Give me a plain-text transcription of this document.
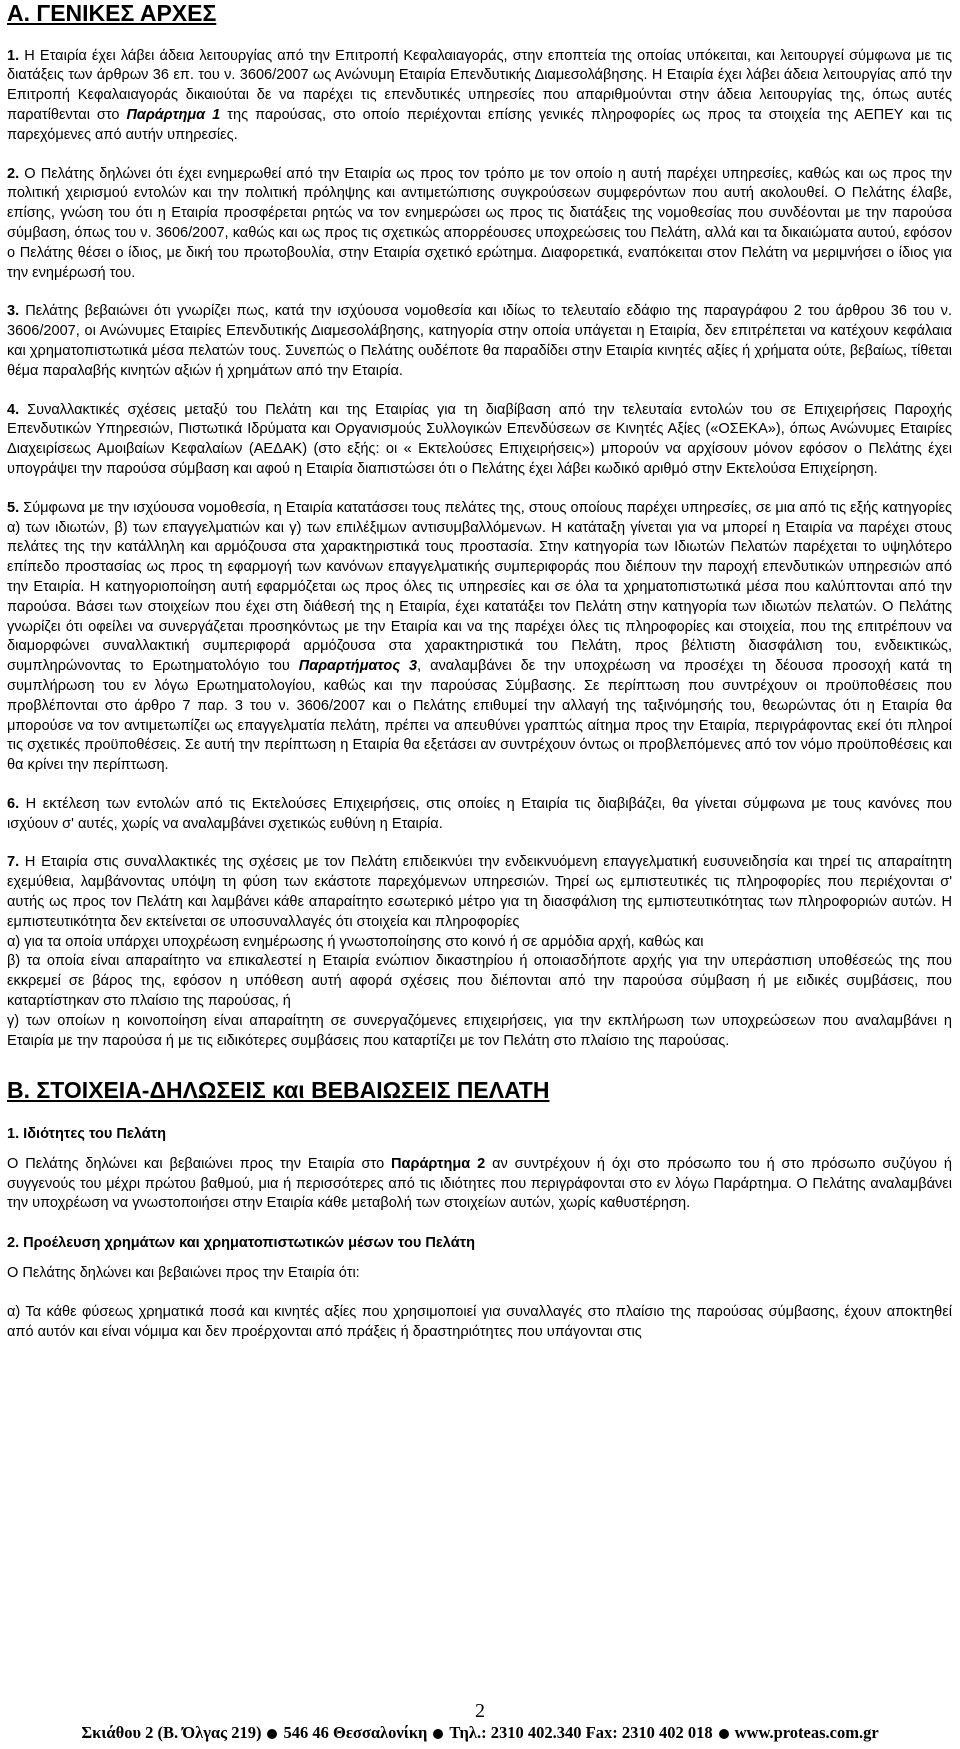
Α. ΓΕΝΙΚΕΣ ΑΡΧΕΣ

1. Η Εταιρία έχει λάβει άδεια λειτουργίας από την Επιτροπή Κεφαλαιαγοράς, στην εποπτεία της οποίας υπόκειται, και λειτουργεί σύμφωνα με τις διατάξεις των άρθρων 36 επ. του ν. 3606/2007 ως Ανώνυμη Εταιρία Επενδυτικής Διαμεσολάβησης. Η Εταιρία έχει λάβει άδεια λειτουργίας από την Επιτροπή Κεφαλαιαγοράς δικαιούται δε να παρέχει τις επενδυτικές υπηρεσίες που απαριθμούνται στην άδεια λειτουργίας της, όπως αυτές παρατίθενται στο Παράρτημα 1 της παρούσας, στο οποίο περιέχονται επίσης γενικές πληροφορίες ως προς τα στοιχεία της ΑΕΠΕΥ και τις παρεχόμενες από αυτήν υπηρεσίες.

2. Ο Πελάτης δηλώνει ότι έχει ενημερωθεί από την Εταιρία ως προς τον τρόπο με τον οποίο η αυτή παρέχει υπηρεσίες, καθώς και ως προς την πολιτική χειρισμού εντολών και την πολιτική πρόληψης και αντιμετώπισης συγκρούσεων συμφερόντων που αυτή ακολουθεί. Ο Πελάτης έλαβε, επίσης, γνώση του ότι η Εταιρία προσφέρεται ρητώς να τον ενημερώσει ως προς τις διατάξεις της νομοθεσίας που συνδέονται με την παρούσα σύμβαση, όπως του ν. 3606/2007, καθώς και ως προς τις σχετικώς απορρέουσες υποχρεώσεις του Πελάτη, αλλά και τα δικαιώματα αυτού, εφόσον ο Πελάτης θέσει ο ίδιος, με δική του πρωτοβουλία, στην Εταιρία σχετικό ερώτημα. Διαφορετικά, εναπόκειται στον Πελάτη να μεριμνήσει ο ίδιος για την ενημέρωσή του.

3. Πελάτης βεβαιώνει ότι γνωρίζει πως, κατά την ισχύουσα νομοθεσία και ιδίως το τελευταίο εδάφιο της παραγράφου 2 του άρθρου 36 του ν. 3606/2007, οι Ανώνυμες Εταιρίες Επενδυτικής Διαμεσολάβησης, κατηγορία στην οποία υπάγεται η Εταιρία, δεν επιτρέπεται να κατέχουν κεφάλαια και χρηματοπιστωτικά μέσα πελατών τους. Συνεπώς ο Πελάτης ουδέποτε θα παραδίδει στην Εταιρία κινητές αξίες ή χρήματα ούτε, βεβαίως, τίθεται θέμα παραλαβής κινητών αξιών ή χρημάτων από την Εταιρία.

4. Συναλλακτικές σχέσεις μεταξύ του Πελάτη και της Εταιρίας για τη διαβίβαση από την τελευταία εντολών του σε Επιχειρήσεις Παροχής Επενδυτικών Υπηρεσιών, Πιστωτικά Ιδρύματα και Οργανισμούς Συλλογικών Επενδύσεων σε Κινητές Αξίες («ΟΣΕΚΑ»), όπως Ανώνυμες Εταιρίες Διαχειρίσεως Αμοιβαίων Κεφαλαίων (ΑΕΔΑΚ) (στο εξής: οι « Εκτελούσες Επιχειρήσεις») μπορούν να αρχίσουν μόνον εφόσον ο Πελάτης έχει υπογράψει την παρούσα σύμβαση και αφού η Εταιρία διαπιστώσει ότι ο Πελάτης έχει λάβει κωδικό αριθμό στην Εκτελούσα Επιχείρηση.

5. Σύμφωνα με την ισχύουσα νομοθεσία, η Εταιρία κατατάσσει τους πελάτες της, στους οποίους παρέχει υπηρεσίες, σε μια από τις εξής κατηγορίες α) των ιδιωτών, β) των επαγγελματιών και γ) των επιλέξιμων αντισυμβαλλόμενων. Η κατάταξη γίνεται για να μπορεί η Εταιρία να παρέχει στους πελάτες της την κατάλληλη και αρμόζουσα στα χαρακτηριστικά τους προστασία. Στην κατηγορία των Ιδιωτών Πελατών παρέχεται το υψηλότερο επίπεδο προστασίας ως προς τη εφαρμογή των κανόνων επαγγελματικής συμπεριφοράς που διέπουν την παροχή επενδυτικών υπηρεσιών από την Εταιρία. Η κατηγοριοποίηση αυτή εφαρμόζεται ως προς όλες τις υπηρεσίες και σε όλα τα χρηματοπιστωτικά μέσα που καλύπτονται από την παρούσα. Βάσει των στοιχείων που έχει στη διάθεσή της η Εταιρία, έχει κατατάξει τον Πελάτη στην κατηγορία των ιδιωτών πελατών. Ο Πελάτης γνωρίζει ότι οφείλει να συνεργάζεται προσηκόντως με την Εταιρία και να της παρέχει όλες τις πληροφορίες και στοιχεία, που της επιτρέπουν να διαμορφώνει συναλλακτική συμπεριφορά αρμόζουσα στα χαρακτηριστικά του Πελάτη, προς βέλτιστη διασφάλιση του, ενδεικτικώς, συμπληρώνοντας το Ερωτηματολόγιο του Παραρτήματος 3, αναλαμβάνει δε την υποχρέωση να προσέχει τη δέουσα προσοχή κατά τη συμπλήρωση του εν λόγω Ερωτηματολογίου, καθώς και την παρούσας Σύμβασης. Σε περίπτωση που συντρέχουν οι προϋποθέσεις που προβλέπονται στο άρθρο 7 παρ. 3 του ν. 3606/2007 και ο Πελάτης επιθυμεί την αλλαγή της ταξινόμησής του, θεωρώντας ότι η Εταιρία θα μπορούσε να τον αντιμετωπίζει ως επαγγελματία πελάτη, πρέπει να απευθύνει γραπτώς αίτημα προς την Εταιρία, περιγράφοντας εκεί ότι πληροί τις σχετικές προϋποθέσεις. Σε αυτή την περίπτωση η Εταιρία θα εξετάσει αν συντρέχουν όντως οι προβλεπόμενες από τον νόμο προϋποθέσεις και θα κρίνει την περίπτωση.

6. Η εκτέλεση των εντολών από τις Εκτελούσες Επιχειρήσεις, στις οποίες η Εταιρία τις διαβιβάζει, θα γίνεται σύμφωνα με τους κανόνες που ισχύουν σ' αυτές, χωρίς να αναλαμβάνει σχετικώς ευθύνη η Εταιρία.

7. Η Εταιρία στις συναλλακτικές της σχέσεις με τον Πελάτη επιδεικνύει την ενδεικνυόμενη επαγγελματική ευσυνειδησία και τηρεί τις απαραίτητη εχεμύθεια, λαμβάνοντας υπόψη τη φύση των εκάστοτε παρεχόμενων υπηρεσιών. Τηρεί ως εμπιστευτικές τις πληροφορίες που περιέχονται σ' αυτής ως προς τον Πελάτη και λαμβάνει κάθε απαραίτητο εσωτερικό μέτρο για τη διασφάλιση της εμπιστευτικότητας των πληροφοριών αυτών. Η εμπιστευτικότητα δεν εκτείνεται σε υποσυναλλαγές ότι στοιχεία και πληροφορίες

α) για τα οποία υπάρχει υποχρέωση ενημέρωσης ή γνωστοποίησης στο κοινό ή σε αρμόδια αρχή, καθώς και

β) τα οποία είναι απαραίτητο να επικαλεστεί η Εταιρία ενώπιον δικαστηρίου ή οποιασδήποτε αρχής για την υπεράσπιση υποθέσεώς της που εκκρεμεί σε βάρος της, εφόσον η υπόθεση αυτή αφορά σχέσεις που διέπονται από την παρούσα σύμβαση ή με ειδικές συμβάσεις, που καταρτίστηκαν στο πλαίσιο της παρούσας, ή

γ) των οποίων η κοινοποίηση είναι απαραίτητη σε συνεργαζόμενες επιχειρήσεις, για την εκπλήρωση των υποχρεώσεων που αναλαμβάνει η Εταιρία με την παρούσα ή με τις ειδικότερες συμβάσεις που καταρτίζει με τον Πελάτη στο πλαίσιο της παρούσας.

Β. ΣΤΟΙΧΕΙΑ-ΔΗΛΩΣΕΙΣ και ΒΕΒΑΙΩΣΕΙΣ ΠΕΛΑΤΗ
1. Ιδιότητες του Πελάτη

Ο Πελάτης δηλώνει και βεβαιώνει προς την Εταιρία στο Παράρτημα 2 αν συντρέχουν ή όχι στο πρόσωπο του ή στο πρόσωπο συζύγου ή συγγενούς του μέχρι πρώτου βαθμού, μια ή περισσότερες από τις ιδιότητες που περιγράφονται στο εν λόγω Παράρτημα. Ο Πελάτης αναλαμβάνει την υποχρέωση να γνωστοποιήσει στην Εταιρία κάθε μεταβολή των στοιχείων αυτών, χωρίς καθυστέρηση.

2. Προέλευση χρημάτων και χρηματοπιστωτικών μέσων του Πελάτη

Ο Πελάτης δηλώνει και βεβαιώνει προς την Εταιρία ότι:

α) Τα κάθε φύσεως χρηματικά ποσά και κινητές αξίες που χρησιμοποιεί για συναλλαγές στο πλαίσιο της παρούσας σύμβασης, έχουν αποκτηθεί από αυτόν και είναι νόμιμα και δεν προέρχονται από πράξεις ή δραστηριότητες που υπάγονται στις

2
Σκιάθου 2 (Β. Όλγας 219) 546 46 Θεσσαλονίκη Τηλ.: 2310 402.340 Fax: 2310 402 018 www.proteas.com.gr
